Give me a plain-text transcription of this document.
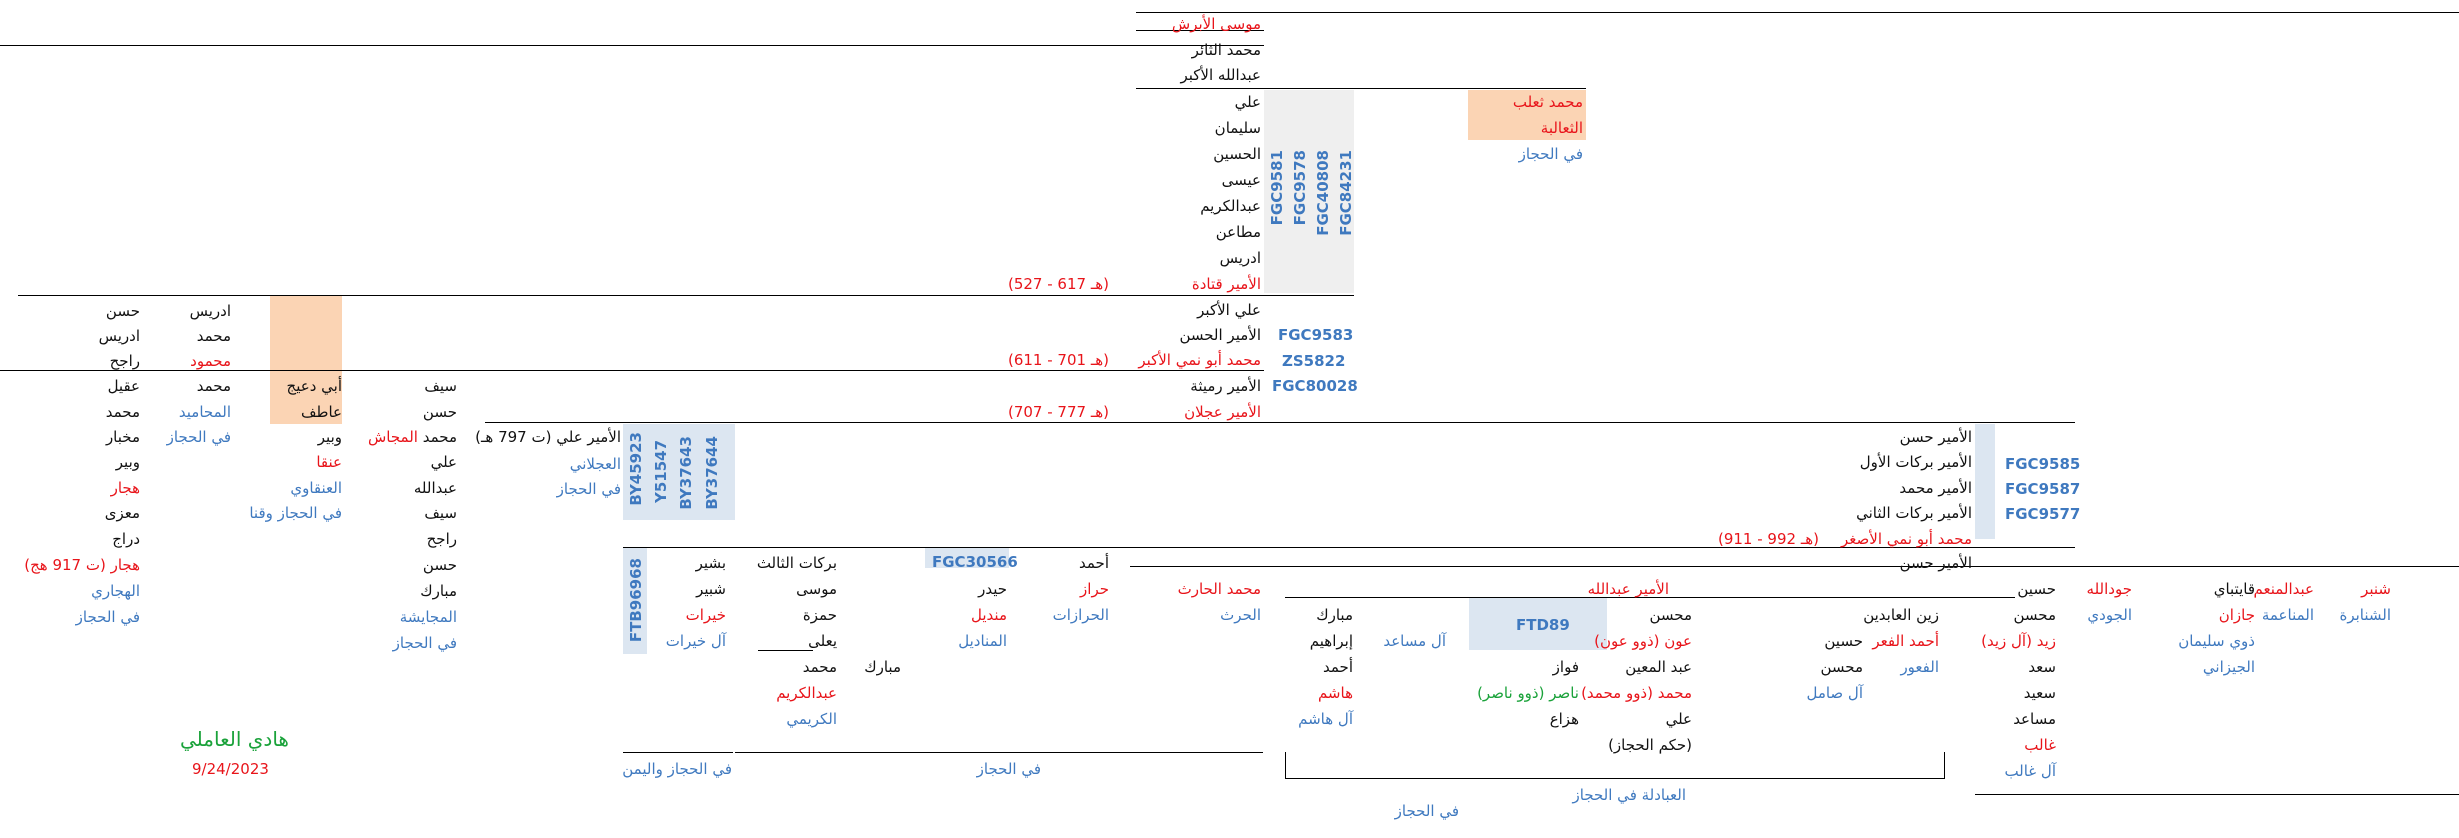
موسى الأبرش
محمد الثائر
عبدالله الأكبر
علي
سليمان
الحسين
عيسى
عبدالكريم
مطاعن
ادريس
الأمير قتادة
(527 - 617 هـ)
علي الأكبر
الأمير الحسن
محمد أبو نمي الأكبر
(611 - 701 هـ)
الأمير رميثة
الأمير عجلان
(707 - 777 هـ)
محمد ثعلب
الثعالبة
في الحجاز
FGC9581 FGC9578 FGC40808 FGC84231
FGC9583
ZS5822
FGC80028
الأمير علي (ت 797 هـ)
العجلاني
في الحجاز BY45923 Y51547 BY37643 BY37644
حسن
ادريس
راجح
عقيل
محمد
مخبار
وبير
هجار
معزى
دراج
هجار (ت 917 هج)
الهجاري
في الحجاز
ادريس
محمد
محمود
محمد
المحاميد
في الحجاز
أبي دعيج
عاطف
وبير
عنقا
العنقاوي
في الحجاز وقنا
سيف
حسن
محمد المجاش
علي
عبدالله
سيف
راجح
حسن
مبارك
المجايشة
في الحجاز
الأمير حسن
الأمير بركات الأول
الأمير محمد
الأمير بركات الثاني
محمد أبو نمي الأصغر
(911 - 992 هـ)
FGC9585
FGC9587
FGC9577
الأمير حسن
FTB96968	بشير
شبير
خيرات
آل خيرات
بركات الثالث
موسى
حمزة
يعلى
مبارك
محمد
عبدالكريم
الكريمي
في الحجاز واليمن
FGC30566	أحمد
حيدر
منديل
المناديل
حراز
الحرازات
في الحجاز
محمد الحارث
الحرث
الأمير عبدالله
مبارك
إبراهيم
أحمد
هاشم
آل هاشم
آل مساعد
FTD89
محسن
عون (ذوو عون)
عبد المعين
محمد (ذوو محمد)
علي
(حكم الحجاز)
فواز
ناصر (ذوو ناصر)
هزاع
زين العابدين
أحمد الفعر
الفعور
حسين
محسن
آل صامل
العبادلة في الحجاز
حسين
محسن
زيد (آل زيد)
سعد
سعيد
مساعد
غالب
آل غالب
جودالله
الجودي
قايتباي
جازان
ذوي سليمان
الجيزاني
عبدالمنعم
المناعمة
شنبر
الشنابرة
في الحجاز
هادي العاملي
9/24/2023
